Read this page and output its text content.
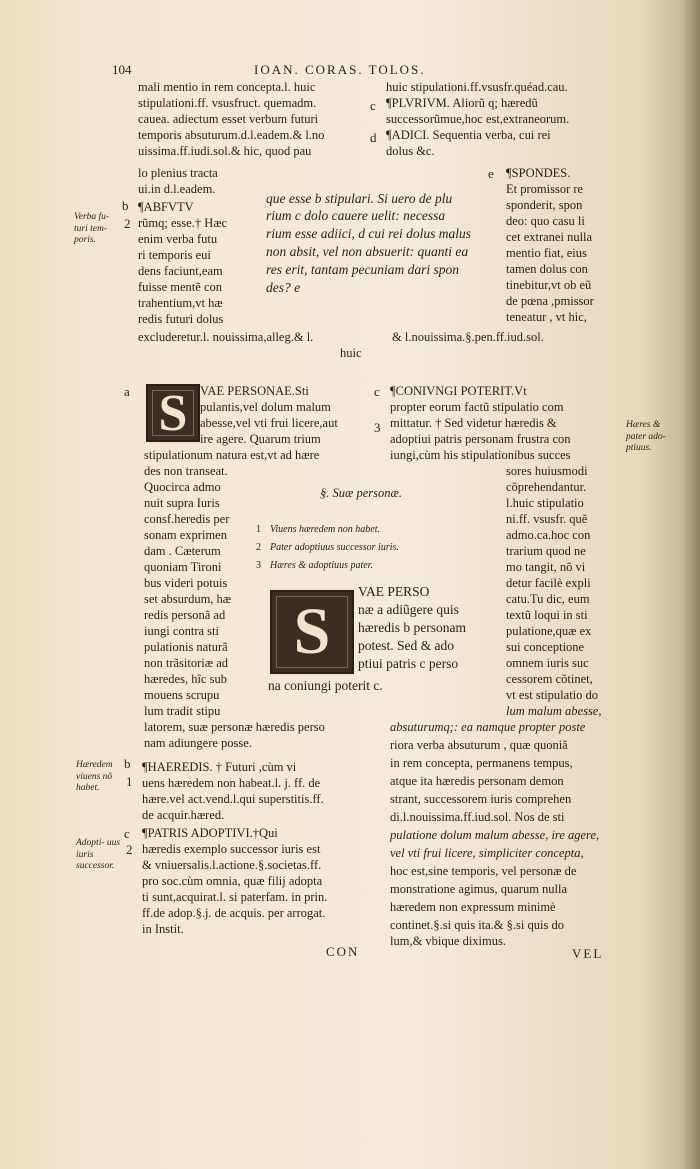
104	IOAN. CORAS. TOLOS.
mali mentio in rem concepta.l. huic
stipulationi.ff. vsusfruct. quemadm.
cauea. adiectum esset verbum futuri
temporis absuturum.d.l.eadem.& l.no
uissima.ff.iudi.sol.& hic, quod pau
lo plenius tracta
ui.in d.l.eadem.
huic stipulationi.ff.vsusfr.quéad.cau.
c ¶PLVRIVM. Aliorũ q; hæredũ
successorũmue,hoc est,extraneorum.
d ¶ADICI. Sequentia verba, cui rei
dolus &c.
b
2
¶ABFVTV
rũmq; esse.† Hæc
enim verba futu
ri temporis eui
dens faciunt,eam
fuisse mentẽ con
trahentium,vt hæ
redis futuri dolus
excluderetur.l. nouissima,alleg.& l.
huic
que esse b stipulari. Si uero de plu
rium c dolo cauere uelit: necessa
rium esse adiici, d cui rei dolus malus
non absit, vel non absuerit: quanti ea
res erit, tantam pecuniam dari spon
des? e
e ¶SPONDES.
Et promissor re
sponderit, spon
deo: quo casu li
cet extranei nulla
mentio fiat, eius
tamen dolus con
tinebitur,vt ob eũ
de pœna ,pmissor
teneatur , vt hic,
& l.nouissima.§.pen.ff.iud.sol.
Verba fu- turi tem- poris.
Hæres & pater ado- ptiuus.
Hæredem viuens nõ habet.
Adopti- uus iuris successor.
a S VAE PERSONAE.Sti
pulantis,vel dolum malum
abesse,vel vti frui licere,aut
ire agere. Quarum trium
stipulationum natura est,vt ad hære
des non transeat.
Quocirca admo
nuit supra Iuris
consf.heredis per
sonam exprimen
dam . Cæterum
quoniam Tironi
bus videri potuis
set absurdum, hæ
redis personã ad
iungi contra sti
pulationis naturã
non trãsitoriæ ad
hæredes, hîc sub
mouens scrupu
lum tradit stipu
latorem, suæ personæ hæredis perso
nam adiungere posse.
c
3
¶CONIVNGI POTERIT.Vt
propter eorum factũ stipulatio com
mittatur. † Sed videtur hæredis &
adoptiui patris personam frustra con
iungi,cùm his stipulationibus succes
sores huiusmodi
cõprehendantur.
l.huic stipulatio
ni.ff. vsusfr. quẽ
admo.ca.hoc con
trarium quod ne
mo tangit, nõ vi
detur facilè expli
catu.Tu dic, eum
textũ loqui in sti
pulatione,quæ ex
sui conceptione
omnem iuris suc
cessorem cõtinet,
vt est stipulatio do
lum malum abesse,
§. Suæ personæ.
1 Viuens hæredem non habet.
2 Pater adoptiuus successor iuris.
3 Hæres & adoptiuus pater.
S
VAE PERSO
næ a adiũgere quis
hæredis b personam
potest. Sed & ado
ptiui patris c perso
na coniungi poterit c.
b
1
c
2
¶HAEREDIS. † Futuri ,cùm vi
uens hæredem non habeat.l. j. ff. de
hære.vel act.vend.l.qui superstitis.ff.
de acquir.hæred.
¶PATRIS ADOPTIVI.†Qui
hæredis exemplo successor iuris est
& vniuersalis.l.actione.§.societas.ff.
pro soc.cùm omnia, quæ filij adopta
ti sunt,acquirat.l. si paterfam. in prin.
ff.de adop.§.j. de acquis. per arrogat.
in Instit.
absuturumq;: ea namque propter poste
riora verba absuturum , quæ quoniã
in rem concepta, permanens tempus,
atque ita hæredis personam demon
strant, successorem iuris comprehen
di.l.nouissima.ff.iud.sol. Nos de sti
pulatione dolum malum abesse, ire agere,
vel vti frui licere, simpliciter concepta,
hoc est,sine temporis, vel personæ de
monstratione agimus, quarum nulla
hæredem non expressum minimè
continet.§.si quis ita.& §.si quis do
lum,& vbique diximus.
CON	VEL
